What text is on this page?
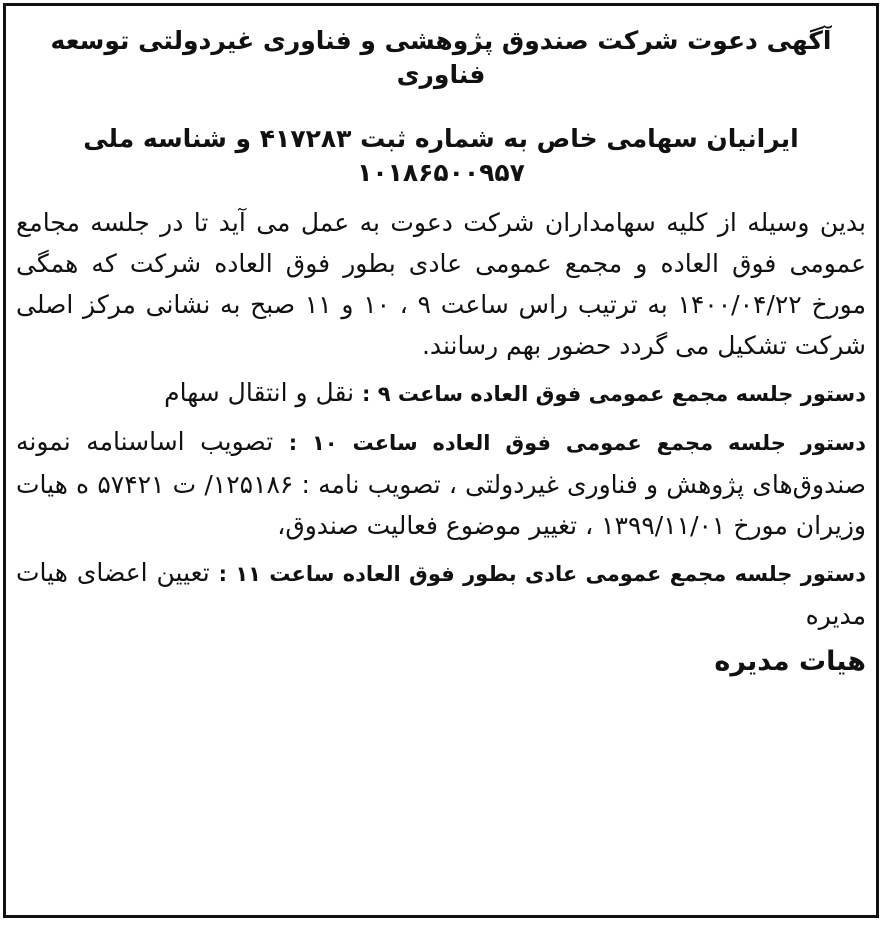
آگهی دعوت شرکت صندوق پژوهشی و فناوری غیردولتی توسعه فناوری

ایرانیان سهامی خاص به شماره ثبت ۴۱۷۲۸۳ و شناسه ملی ۱۰۱۸۶۵۰۰۹۵۷

بدین وسیله از کلیه سهامداران شرکت دعوت به عمل می آید تا در جلسه مجامع عمومی فوق العاده و مجمع عمومی عادی بطور فوق العاده شرکت که همگی مورخ ۱۴۰۰/۰۴/۲۲ به ترتیب راس ساعت ۹ ، ۱۰ و ۱۱ صبح به نشانی مرکز اصلی شرکت تشکیل می گردد حضور بهم رسانند.

دستور جلسه مجمع عمومی فوق العاده ساعت ۹ : نقل و انتقال سهام

دستور جلسه مجمع عمومی فوق العاده ساعت ۱۰ : تصویب اساسنامه نمونه صندوق‌های پژوهش و فناوری غیردولتی ، تصویب نامه : ۱۲۵۱۸۶/ ت ۵۷۴۲۱ ه هیات وزیران مورخ ۱۳۹۹/۱۱/۰۱ ، تغییر موضوع فعالیت صندوق،

دستور جلسه مجمع عمومی عادی بطور فوق العاده ساعت ۱۱ : تعیین اعضای هیات مدیره

هیات مدیره
